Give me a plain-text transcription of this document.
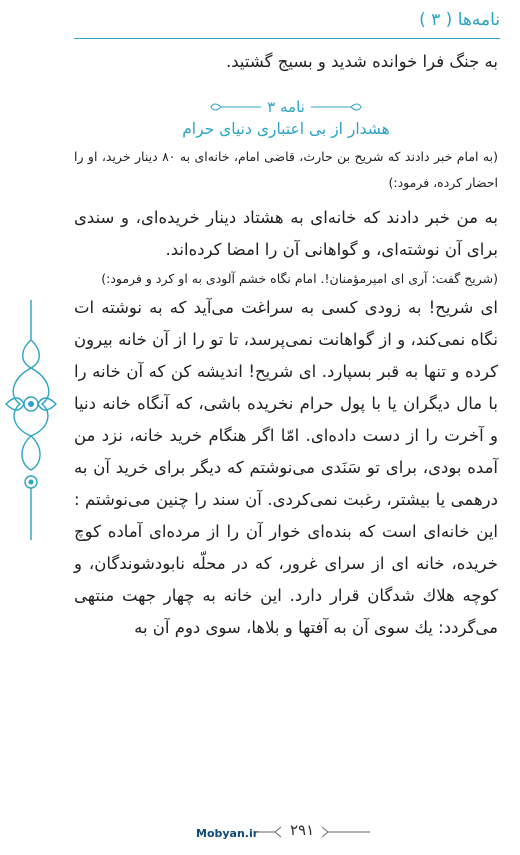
نامه‌ها ( ۳ )

به جنگ فرا خوانده شدید و بسیج گشتید.

نامه ۳
هشدار از بی اعتباری دنیای حرام

(به امام خبر دادند كه شريح بن حارث، قاضی امام، خانه‌ای به ۸۰ دينار خريد، او را احضار كرده، فرمود:)

به من خبر دادند كه خانه‌ای به هشتاد دينار خريده‌ای، و سندی برای آن نوشته‌ای، و گواهانی آن را امضا كرده‌اند.

(شريح گفت: آری ای اميرمؤمنان!. امام نگاه خشم آلودی به او كرد و فرمود:)

ای شريح! به زودی كسی به سراغت می‌آيد كه به نوشته ات نگاه نمی‌كند، و از گواهانت نمی‌پرسد، تا تو را از آن خانه بيرون كرده و تنها به قبر بسپارد. ای شريح! انديشه كن كه آن خانه را با مال ديگران يا با پول حرام نخريده باشی، كه آنگاه خانه دنيا و آخرت را از دست داده‌ای. امّا اگر هنگام خريد خانه، نزد من آمده بودی، برای تو سَنَدی می‌نوشتم كه ديگر برای خريد آن به درهمی يا بيشتر، رغبت نمی‌كردی. آن سند را چنين می‌نوشتم : اين خانه‌ای است كه بنده‌ای خوار آن را از مرده‌ای آماده كوچ خريده، خانه ای از سرای غرور، كه در محلّه نابودشوندگان، و كوچه هلاك شدگان قرار دارد. اين خانه به چهار جهت منتهی می‌گردد: يك سوی آن به آفتها و بلاها، سوی دوم آن به

Mobyan.ir ۲۹۱
